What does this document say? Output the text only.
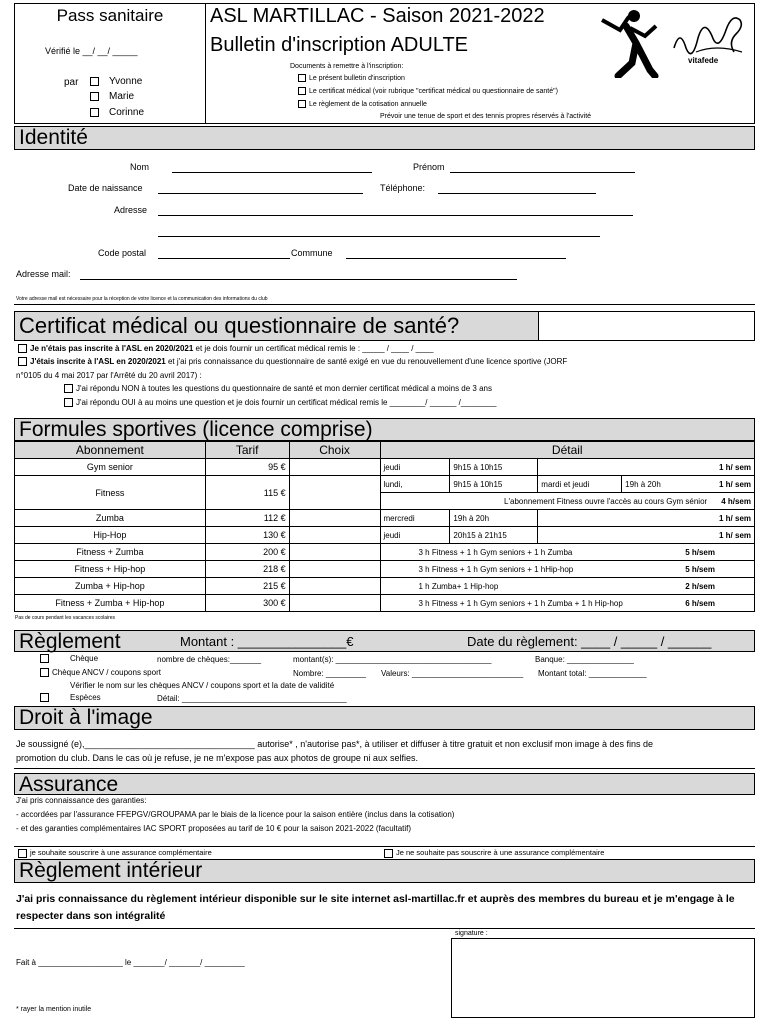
Pass sanitaire
Vérifié le __/ __/ _____
par	Yvonne
Marie
Corinne
ASL MARTILLAC - Saison 2021-2022
Bulletin d'inscription ADULTE
Documents à remettre à l'inscription:
Le présent bulletin d'inscription
Le certificat médical (voir rubrique "certificat médical ou questionnaire de santé")
Le règlement de la cotisation annuelle
Prévoir une tenue de sport et des tennis propres réservés à l'activité
vitafede
Identité
Nom	Prénom
Date de naissance	Téléphone:
Adresse
Code postal	Commune
Adresse mail:
Votre adresse mail est nécessaire pour la réception de votre licence et la communication des informations du club
Certificat médical ou questionnaire de santé?
Je n'étais pas inscrite à l'ASL en 2020/2021 et je dois fournir un certificat médical remis le : _____ / ____ / ____
J'étais inscrite à l'ASL en 2020/2021 et j'ai pris connaissance du questionnaire de santé exigé en vue du renouvellement d'une licence sportive (JORF
n°0105 du 4 mai 2017 par l'Arrêté du 20 avril 2017) :
J'ai répondu NON à toutes les questions du questionnaire de santé et mon dernier certificat médical a moins de 3 ans
J'ai répondu OUI à au moins une question et je dois fournir un certificat médical remis le ________/ ______ /________
Formules sportives (licence comprise)
Abonnement	Tarif	Choix	Détail			
Gym senior	95 €		jeudi	9h15 à 10h15	1 h/ sem	
Fitness	115 €		lundi,	9h15 à 10h15	mardi et jeudi	19h à 20h 1 h/ sem

			L'abonnement Fitness ouvre l'accès au cours Gym sénior 4 h/sem			
Zumba	112 €		mercredi	19h à 20h	1 h/ sem	
Hip-Hop	130 €		jeudi	20h15 à 21h15	1 h/ sem	
Fitness + Zumba	200 €		3 h Fitness + 1 h Gym seniors + 1 h Zumba 5 h/sem			

Fitness + Hip-hop	218 €		3 h Fitness + 1 h Gym seniors + 1 hHip-hop 5 h/sem			

Zumba + Hip-hop	215 €		1 h Zumba+ 1 Hip-hop 2 h/sem			

Fitness + Zumba + Hip-hop	300 €		3 h Fitness + 1 h Gym seniors + 1 h Zumba + 1 h Hip-hop 6 h/sem			
Pas de cours pendant les vacances scolaires
Règlement	Montant : _______________€	Date du règlement: ____ / _____ / ______
Chèque	nombre de chèques:_______	montant(s): ___________________________________	Banque: _______________
Chèque ANCV / coupons sport	Nombre: _________ Valeurs: _________________________ Montant total: _____________
Vérifier le nom sur les chèques ANCV / coupons sport et la date de validité
Espèces	Détail: _____________________________________
Droit à l'image
Je soussigné (e),__________________________________ autorise* , n'autorise pas*, à utiliser et diffuser à titre gratuit et non exclusif mon image à des fins de
promotion du club. Dans le cas où je refuse, je ne m'expose pas aux photos de groupe ni aux selfies.
Assurance
J'ai pris connaissance des garanties:
- accordées par l'assurance FFEPGV/GROUPAMA par le biais de la licence pour la saison entière (inclus dans la cotisation)
- et des garanties complémentaires IAC SPORT proposées au tarif de 10 € pour la saison 2021-2022 (facultatif)
je souhaite souscrire à une assurance complémentaire	Je ne souhaite pas souscrire à une assurance complémentaire
Règlement intérieur
J'ai pris connaissance du règlement intérieur disponible sur le site internet asl-martillac.fr et auprès des membres du bureau et je m'engage à le respecter dans son intégralité
signature :
Fait à ___________________ le _______/ _______/ _________
* rayer la mention inutile
